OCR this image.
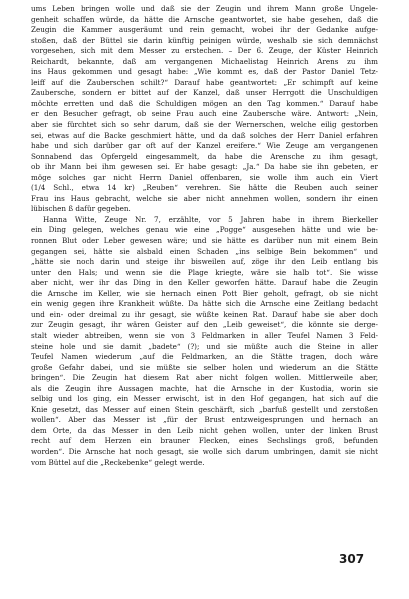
ums Leben bringen wolle und daß sie der Zeugin und ihrem Mann große Ungele-
genheit schaffen würde, da hätte die Arnsche geantwortet, sie habe gesehen, daß die
Zeugin die Kammer ausgeräumt und rein gemacht, wobei ihr der Gedanke aufge-
stoßen, daß der Büttel sie darin künftig peinigen würde, weshalb sie sich demnächst
vorgesehen, sich mit dem Messer zu erstechen. – Der 6. Zeuge, der Küster Heinrich
Reichardt, bekannte, daß am vergangenen Michaelistag Heinrich Arens zu ihm
ins Haus gekommen und gesagt habe: „Wie kommt es, daß der Pastor Daniel Tetz-
leiff auf die Zauberschen schilt?“ Darauf habe geantwortet: „Er schimpft auf keine
Zaubersche, sondern er bittet auf der Kanzel, daß unser Herrgott die Unschuldigen
möchte erretten und daß die Schuldigen mögen an den Tag kommen.“ Darauf habe
er den Besucher gefragt, ob seine Frau auch eine Zaubersche wäre. Antwort: „Nein,
aber sie fürchtet sich so sehr darum, daß sie der Wernerschen, welche eilig gestorben
sei, etwas auf die Backe geschmiert hätte, und da daß solches der Herr Daniel erfahren
habe und sich darüber gar oft auf der Kanzel ereifere.“ Wie Zeuge am vergangenen
Sonnabend das Opfergeld eingesammelt, da habe die Arensche zu ihm gesagt,
ob ihr Mann bei ihm gewesen sei. Er habe gesagt: „Ja.“ Da habe sie ihn gebeten, er
möge solches gar nicht Herrn Daniel offenbaren, sie wolle ihm auch ein Viert
(1/4 Schl., etwa 14 kr) „Reuben“ verehren. Sie hätte die Reuben auch seiner
Frau ins Haus gebracht, welche sie aber nicht annehmen wollen, sondern ihr einen
lübischen ß dafür gegeben.
Hanna Witte, Zeuge Nr. 7, erzählte, vor 5 Jahren habe in ihrem Bierkeller
ein Ding gelegen, welches genau wie eine „Pogge“ ausgesehen hätte und wie be-
ronnen Blut oder Leber gewesen wäre; und sie hätte es darüber nun mit einem Bein
gegangen sei, hätte sie alsbald einen Schaden „ins selbige Bein bekommen“ und
„hätte sie noch darin und steige ihr bisweilen auf, zöge ihr den Leib entlang bis
unter den Hals; und wenn sie die Plage kriegte, wäre sie halb tot“. Sie wisse
aber nicht, wer ihr das Ding in den Keller geworfen hätte. Darauf habe die Zeugin
die Arnsche im Keller, wie sie hernach einen Pott Bier geholt, gefragt, ob sie nicht
ein wenig gegen ihre Krankheit wüßte. Da hätte sich die Arnsche eine Zeitlang bedacht
und ein- oder dreimal zu ihr gesagt, sie wüßte keinen Rat. Darauf habe sie aber doch
zur Zeugin gesagt, ihr wären Geister auf den „Leib geweiset“, die könnte sie derge-
stalt wieder abtreiben, wenn sie von 3 Feldmarken in aller Teufel Namen 3 Feld-
steine hole und sie damit „badete“ (?); und sie müßte auch die Steine in aller
Teufel Namen wiederum „auf die Feldmarken, an die Stätte tragen, doch wäre
große Gefahr dabei, und sie müßte sie selber holen und wiederum an die Stätte
bringen“. Die Zeugin hat diesem Rat aber nicht folgen wollen. Mittlerweile aber,
als die Zeugin ihre Aussagen machte, hat die Arnsche in der Kustodia, worin sie
selbig und los ging, ein Messer erwischt, ist in den Hof gegangen, hat sich auf die
Knie gesetzt, das Messer auf einen Stein geschärft, sich „barfuß gestellt und zerstoßen
wollen“. Aber das Messer ist „für der Brust entzweigesprungen und hernach an
dem Orte, da das Messer in den Leib nicht gehen wollen, unter der linken Brust
recht auf dem Herzen ein brauner Flecken, eines Sechslings groß, befunden
worden“. Die Arnsche hat noch gesagt, sie wolle sich darum umbringen, damit sie nicht
vom Büttel auf die „Reckebenke“ gelegt werde.
307
